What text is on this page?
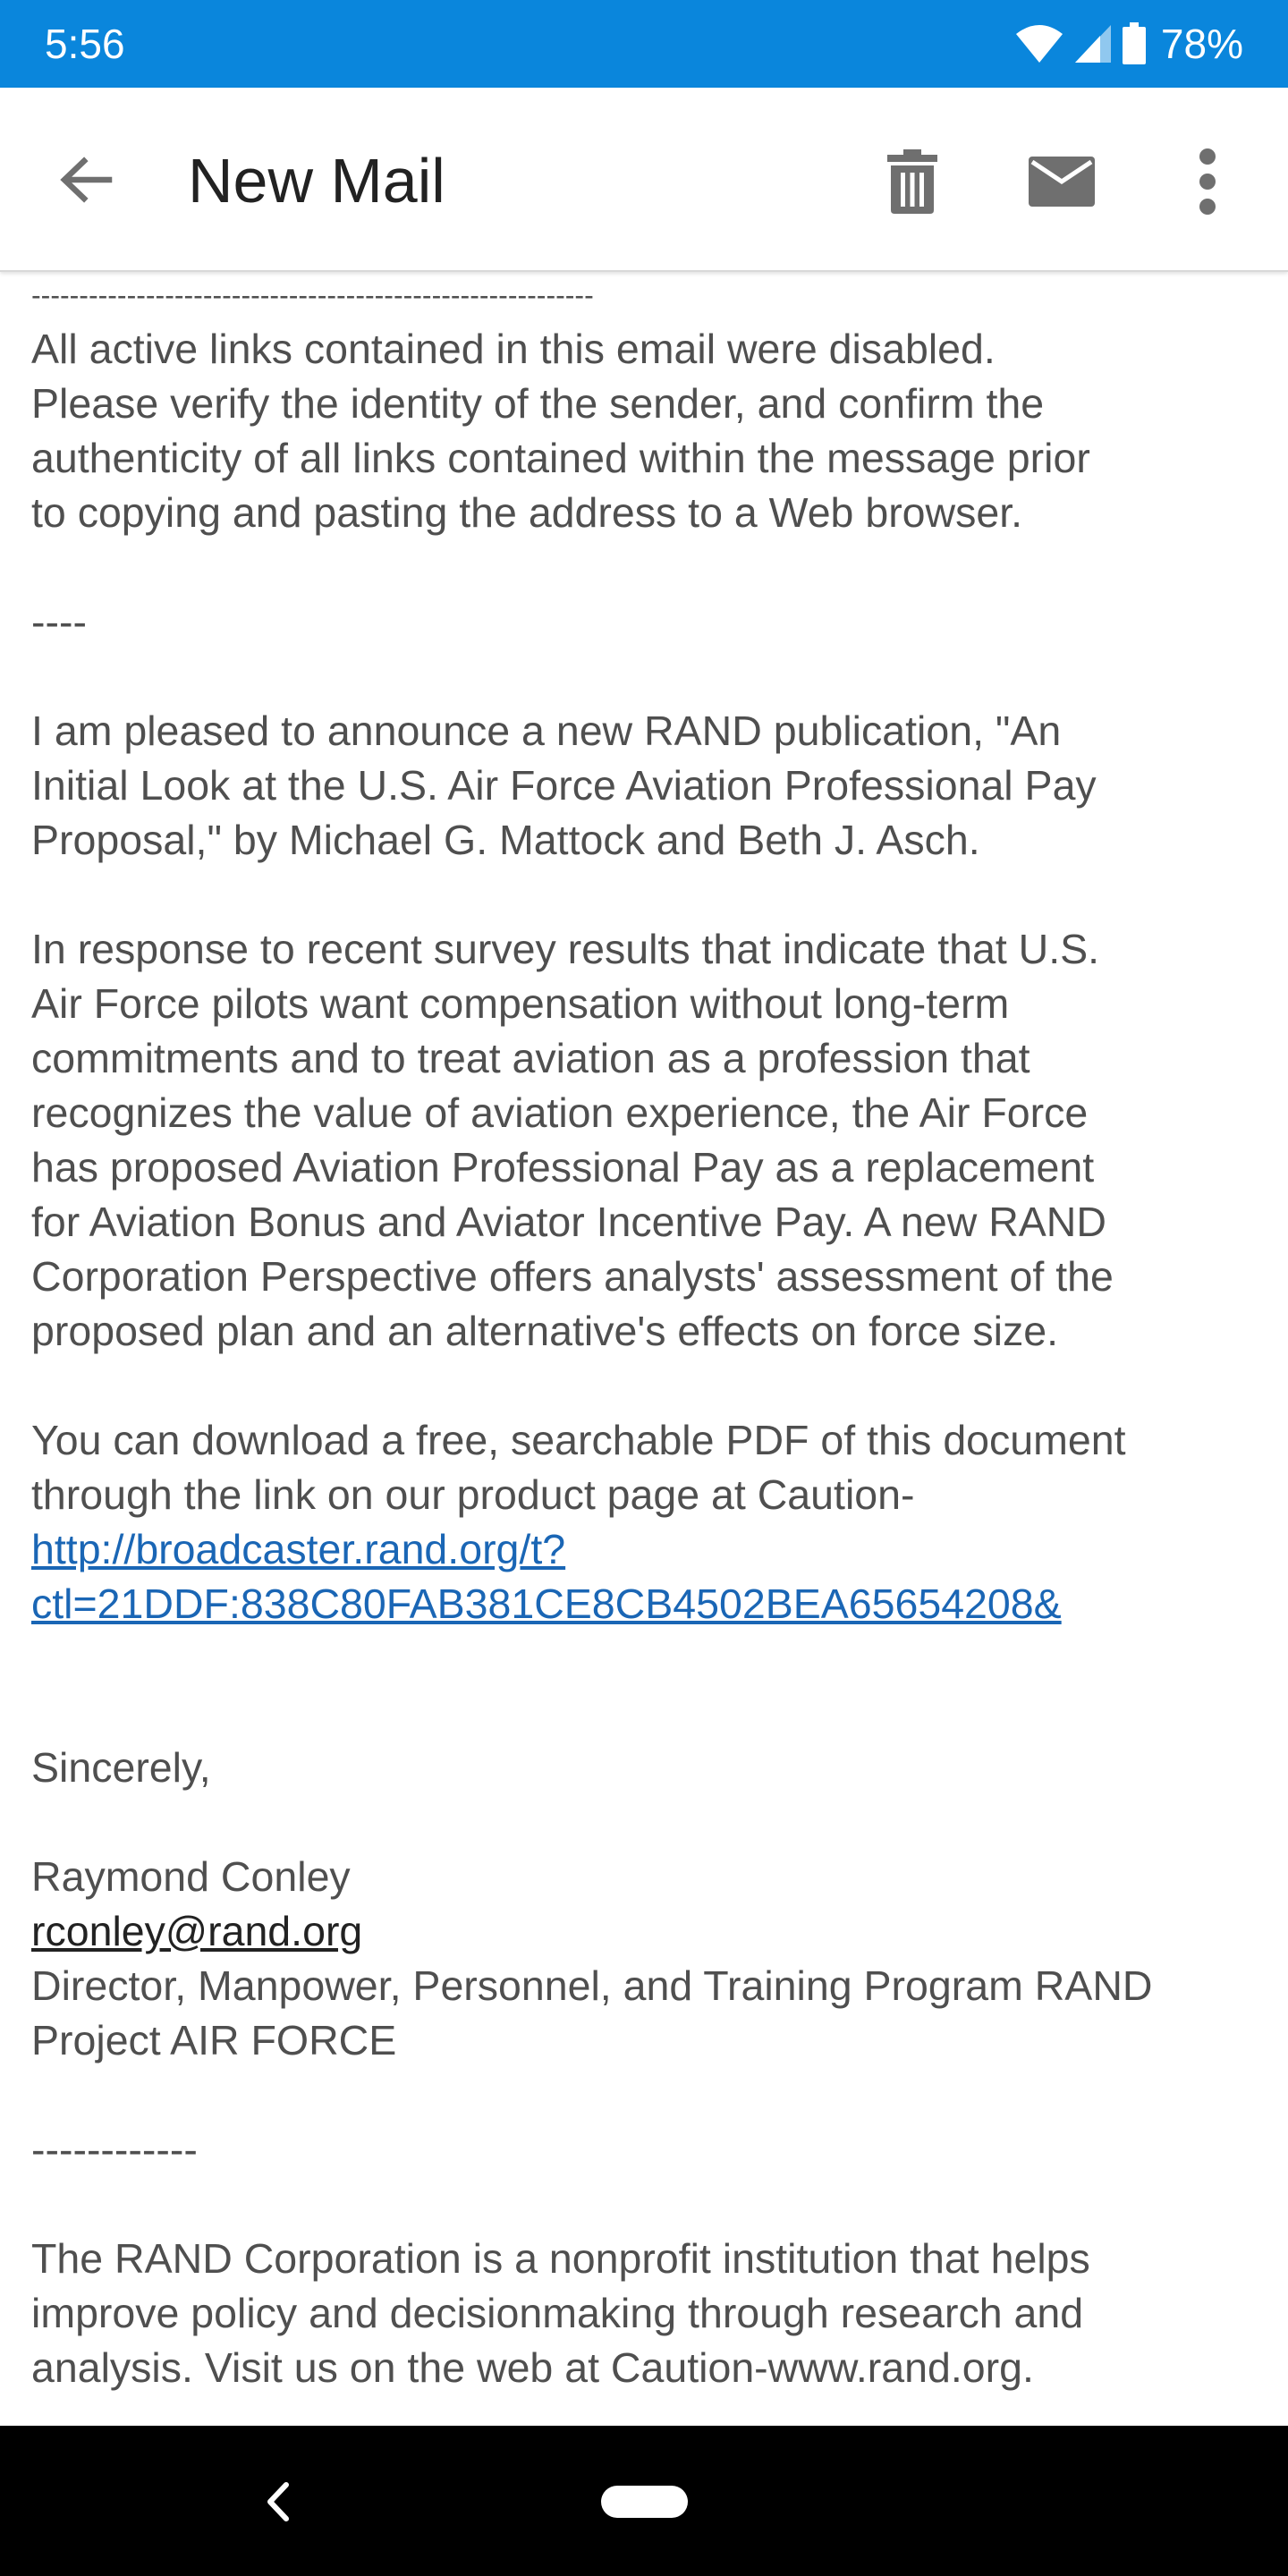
5:56	78%
New Mail

-----------------------------------------------------------

All active links contained in this email were disabled.
Please verify the identity of the sender, and confirm the
authenticity of all links contained within the message prior
to copying and pasting the address to a Web browser.

----

I am pleased to announce a new RAND publication, "An
Initial Look at the U.S. Air Force Aviation Professional Pay
Proposal," by Michael G. Mattock and Beth J. Asch.

In response to recent survey results that indicate that U.S.
Air Force pilots want compensation without long-term
commitments and to treat aviation as a profession that
recognizes the value of aviation experience, the Air Force
has proposed Aviation Professional Pay as a replacement
for Aviation Bonus and Aviator Incentive Pay. A new RAND
Corporation Perspective offers analysts' assessment of the
proposed plan and an alternative's effects on force size.

You can download a free, searchable PDF of this document
through the link on our product page at Caution-

http://broadcaster.rand.org/t?

ctl=21DDF:838C80FAB381CE8CB4502BEA65654208&

Sincerely,

Raymond Conley

rconley@rand.org

Director, Manpower, Personnel, and Training Program RAND
Project AIR FORCE

------------

The RAND Corporation is a nonprofit institution that helps
improve policy and decisionmaking through research and
analysis. Visit us on the web at Caution-www.rand.org.
